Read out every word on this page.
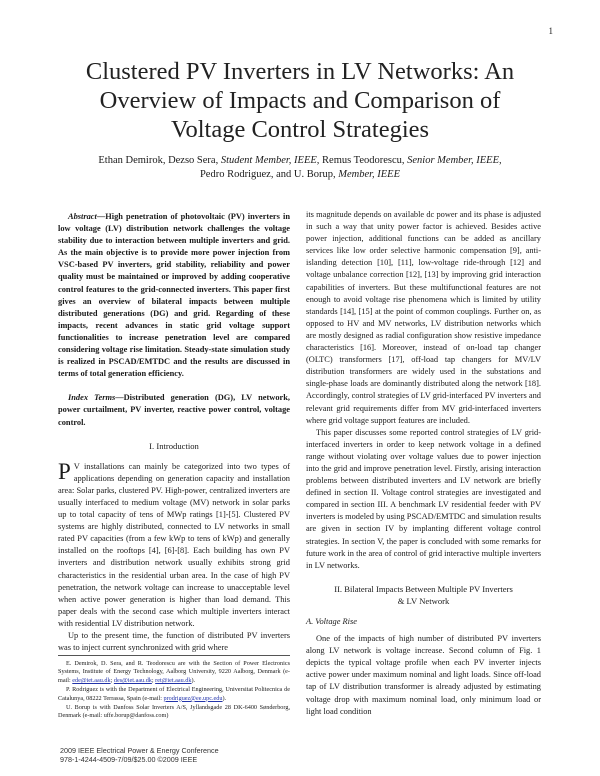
1
Clustered PV Inverters in LV Networks: An Overview of Impacts and Comparison of Voltage Control Strategies
Ethan Demirok, Dezso Sera, Student Member, IEEE, Remus Teodorescu, Senior Member, IEEE,
Pedro Rodriguez, and U. Borup, Member, IEEE

Abstract—High penetration of photovoltaic (PV) inverters in low voltage (LV) distribution network challenges the voltage stability due to interaction between multiple inverters and grid. As the main objective is to provide more power injection from VSC-based PV inverters, grid stability, reliability and power quality must be maintained or improved by adding cooperative control features to the grid-connected inverters. This paper first gives an overview of bilateral impacts between multiple distributed generations (DG) and grid. Regarding of these impacts, recent advances in static grid voltage support functionalities to increase penetration level are compared considering voltage rise limitation. Steady-state simulation study is realized in PSCAD/EMTDC and the results are discussed in terms of total generation efficiency.

Index Terms—Distributed generation (DG), LV network, power curtailment, PV inverter, reactive power control, voltage control.

I. Introduction

P V installations can mainly be categorized into two types of applications depending on generation capacity and installation area: Solar parks, clustered PV. High-power, centralized inverters are usually interfaced to medium voltage (MV) network in solar parks up to total capacity of tens of MWp ratings [1]-[5]. Clustered PV systems are highly distributed, connected to LV networks in small rated PV capacities (from a few kWp to tens of kWp) and generally installed on the rooftops [4], [6]-[8]. Each building has own PV inverters and distribution network usually exhibits strong grid characteristics in the residential urban area. In the case of high PV penetration, the network voltage can increase to unacceptable level when active power generation is higher than load demand. This paper deals with the second case which multiple inverters interact with residential LV distribution network.

Up to the present time, the function of distributed PV inverters was to inject current synchronized with grid where

E. Demirok, D. Sera, and R. Teodorescu are with the Section of Power Electronics Systems, Institute of Energy Technology, Aalborg University, 9220 Aalborg, Denmark (e-mail: ede@iet.aau.dk; des@iet.aau.dk; ret@iet.aau.dk).

P. Rodriguez is with the Department of Electrical Engineering, Universitat Politecnica de Catalunya, 08222 Terrassa, Spain (e-mail: prodriguez@ee.upc.edu).

U. Borup is with Danfoss Solar Inverters A/S, Jyllandsgade 28 DK-6400 Sønderborg, Denmark (e-mail: uffe.borup@danfoss.com)

2009 IEEE Electrical Power & Energy Conference
978-1-4244-4509-7/09/$25.00 ©2009 IEEE

its magnitude depends on available dc power and its phase is adjusted in such a way that unity power factor is achieved. Besides active power injection, additional functions can be added as ancillary services like low order selective harmonic compensation [9], anti-islanding detection [10], [11], low-voltage ride-through [12] and voltage unbalance correction [12], [13] by improving grid interaction capabilities of inverters. But these multifunctional features are not enough to avoid voltage rise phenomena which is limited by utility standards [14], [15] at the point of common couplings. Further on, as opposed to HV and MV networks, LV distribution networks which are mostly designed as radial configuration show resistive impedance characteristics [16]. Moreover, instead of on-load tap changer (OLTC) transformers [17], off-load tap changers for MV/LV distribution transformers are widely used in the substations and single-phase loads are dominantly distributed along the network [18]. Accordingly, control strategies of LV grid-interfaced PV inverters and relevant grid requirements differ from MV grid-interfaced inverters where grid voltage support features are included.

This paper discusses some reported control strategies of LV grid-interfaced inverters in order to keep network voltage in a defined range without violating over voltage values due to power injection into the grid and improve penetration level. Firstly, arising interaction problems between distributed inverters and LV network are briefly defined in section II. Voltage control strategies are investigated and compared in section III. A benchmark LV residential feeder with PV inverters is modeled by using PSCAD/EMTDC and simulation results are given in section IV by implanting different voltage control strategies. In section V, the paper is concluded with some remarks for future work in the area of control of grid interactive multiple inverters in LV networks.

II. Bilateral Impacts Between Multiple PV Inverters
& LV Network

A. Voltage Rise

One of the impacts of high number of distributed PV inverters along LV network is voltage increase. Second column of Fig. 1 depicts the typical voltage profile when each PV inverter injects active power under maximum nominal and light loads. Since off-load tap of LV distribution transformer is already adjusted by estimating voltage drop with maximum nominal load, only minimum load or light load condition
